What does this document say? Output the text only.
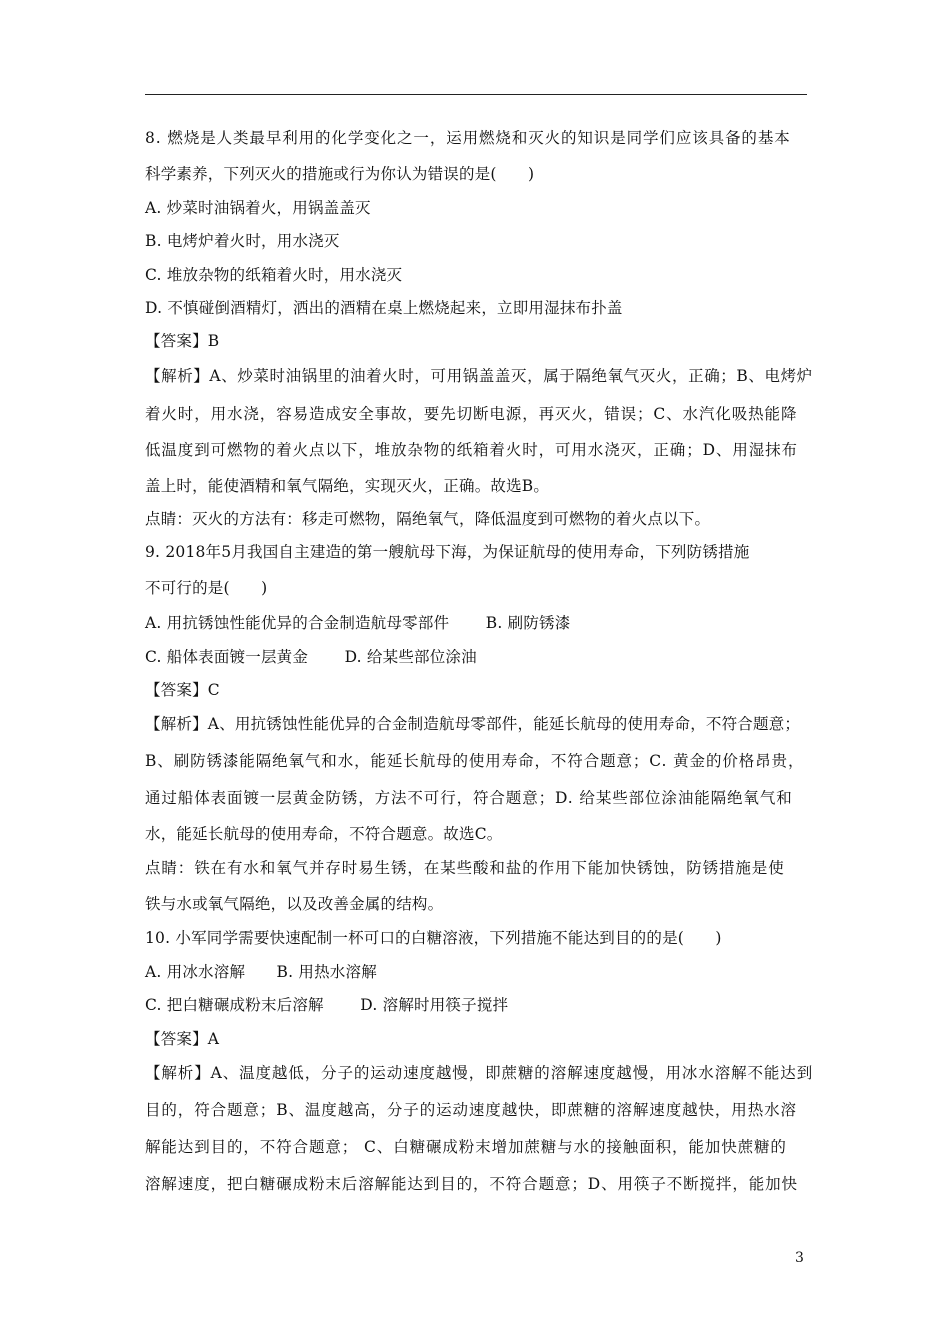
8. 燃烧是人类最早利用的化学变化之一，运用燃烧和灭火的知识是同学们应该具备的基本
科学素养，下列灭火的措施或行为你认为错误的是(　　)
A. 炒菜时油锅着火，用锅盖盖灭
B. 电烤炉着火时，用水浇灭
C. 堆放杂物的纸箱着火时，用水浇灭
D. 不慎碰倒酒精灯，洒出的酒精在桌上燃烧起来，立即用湿抹布扑盖
【答案】B
【解析】A、炒菜时油锅里的油着火时，可用锅盖盖灭，属于隔绝氧气灭火，正确；B、电烤炉
着火时，用水浇，容易造成安全事故，要先切断电源，再灭火，错误；C、水汽化吸热能降
低温度到可燃物的着火点以下，堆放杂物的纸箱着火时，可用水浇灭，正确；D、用湿抹布
盖上时，能使酒精和氧气隔绝，实现灭火，正确。故选B。
点睛：灭火的方法有：移走可燃物，隔绝氧气，降低温度到可燃物的着火点以下。
9. 2018年5月我国自主建造的第一艘航母下海，为保证航母的使用寿命，下列防锈措施
不可行的是(　　)
A. 用抗锈蚀性能优异的合金制造航母零部件　　 B. 刷防锈漆
C. 船体表面镀一层黄金　　 D. 给某些部位涂油
【答案】C
【解析】A、用抗锈蚀性能优异的合金制造航母零部件，能延长航母的使用寿命，不符合题意；
B、刷防锈漆能隔绝氧气和水，能延长航母的使用寿命，不符合题意；C. 黄金的价格昂贵，
通过船体表面镀一层黄金防锈，方法不可行，符合题意；D. 给某些部位涂油能隔绝氧气和
水，能延长航母的使用寿命，不符合题意。故选C。
点睛：铁在有水和氧气并存时易生锈，在某些酸和盐的作用下能加快锈蚀，防锈措施是使
铁与水或氧气隔绝，以及改善金属的结构。
10. 小军同学需要快速配制一杯可口的白糖溶液，下列措施不能达到目的的是(　　)
A. 用冰水溶解　　B. 用热水溶解
C. 把白糖碾成粉末后溶解　　 D. 溶解时用筷子搅拌
【答案】A
【解析】A、温度越低，分子的运动速度越慢，即蔗糖的溶解速度越慢，用冰水溶解不能达到
目的，符合题意；B、温度越高，分子的运动速度越快，即蔗糖的溶解速度越快，用热水溶
解能达到目的，不符合题意； C、白糖碾成粉末增加蔗糖与水的接触面积，能加快蔗糖的
溶解速度，把白糖碾成粉末后溶解能达到目的，不符合题意；D、用筷子不断搅拌，能加快
3
